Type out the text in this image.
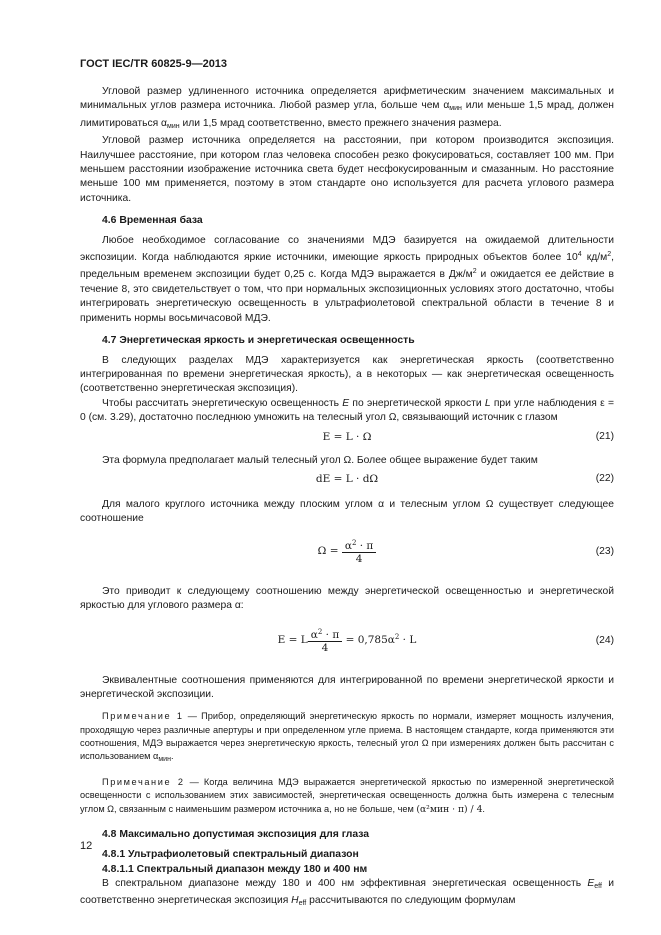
ГОСТ IEC/TR 60825-9—2013

Угловой размер удлиненного источника определяется арифметическим значением максимальных и минимальных углов размера источника. Любой размер угла, больше чем $\alpha_{мин}$ или меньше 1,5 мрад, должен лимитироваться $\alpha_{мин}$ или 1,5 мрад соответственно, вместо прежнего значения размера.

Угловой размер источника определяется на расстоянии, при котором производится экспозиция. Наилучшее расстояние, при котором глаз человека способен резко фокусироваться, составляет 100 мм. При меньшем расстоянии изображение источника света будет несфокусированным и смазанным. Но расстояние меньше 100 мм применяется, поэтому в этом стандарте оно используется для расчета углового размера источника.

4.6 Временная база

Любое необходимое согласование со значениями МДЭ базируется на ожидаемой длительности экспозиции. Когда наблюдаются яркие источники, имеющие яркость природных объектов более $10^4$ $кд/м^2$, предельным временем экспозиции будет 0,25 с. Когда МДЭ выражается в $Дж/м^2$ и ожидается ее действие в течение 8, это свидетельствует о том, что при нормальных экспозиционных условиях этого достаточно, чтобы интегрировать энергетическую освещенность в ультрафиолетовой спектральной области в течение 8 и применить нормы восьмичасовой МДЭ.

4.7 Энергетическая яркость и энергетическая освещенность

В следующих разделах МДЭ характеризуется как энергетическая яркость (соответственно интегрированная по времени энергетическая яркость), а в некоторых — как энергетическая освещенность (соответственно энергетическая экспозиция).

Чтобы рассчитать энергетическую освещенность E по энергетической яркости L при угле наблюдения ε = 0 (см. 3.29), достаточно последнюю умножить на телесный угол Ω, связывающий источник с глазом

E = L · Ω	(21)

Эта формула предполагает малый телесный угол Ω. Более общее выражение будет таким

dE = L · dΩ	(22)

Для малого круглого источника между плоским углом α и телесным углом Ω существует следующее соотношение

$\Omega = \frac{\alpha^2 \cdot \pi}{4}$	(23)

Это приводит к следующему соотношению между энергетической освещенностью и энергетической яркостью для углового размера α:

E = L $\frac{\alpha^2 \cdot \pi}{4} = 0,785\alpha^2 \cdot L$	(24)

Эквивалентные соотношения применяются для интегрированной по времени энергетической яркости и энергетической экспозиции.

Примечание 1 — Прибор, определяющий энергетическую яркость по нормали, измеряет мощность излучения, проходящую через различные апертуры и при определенном угле приема. В настоящем стандарте, когда применяются эти соотношения, МДЭ выражается через энергетическую яркость, телесный угол Ω при измерениях должен быть рассчитан с использованием $\alpha_{мин}$.

Примечание 2 — Когда величина МДЭ выражается энергетической яркостью по измеренной энергетической освещенности с использованием этих зависимостей, энергетическая освещенность должна быть измерена с телесным углом Ω, связанным с наименьшим размером источника а, но не больше, чем (α²мин · π) / 4.

4.8 Максимально допустимая экспозиция для глаза

4.8.1 Ультрафиолетовый спектральный диапазон

4.8.1.1 Спектральный диапазон между 180 и 400 нм

В спектральном диапазоне между 180 и 400 нм эффективная энергетическая освещенность $E_{eff}$ и соответственно энергетическая экспозиция $H_{eff}$ рассчитываются по следующим формулам

12
